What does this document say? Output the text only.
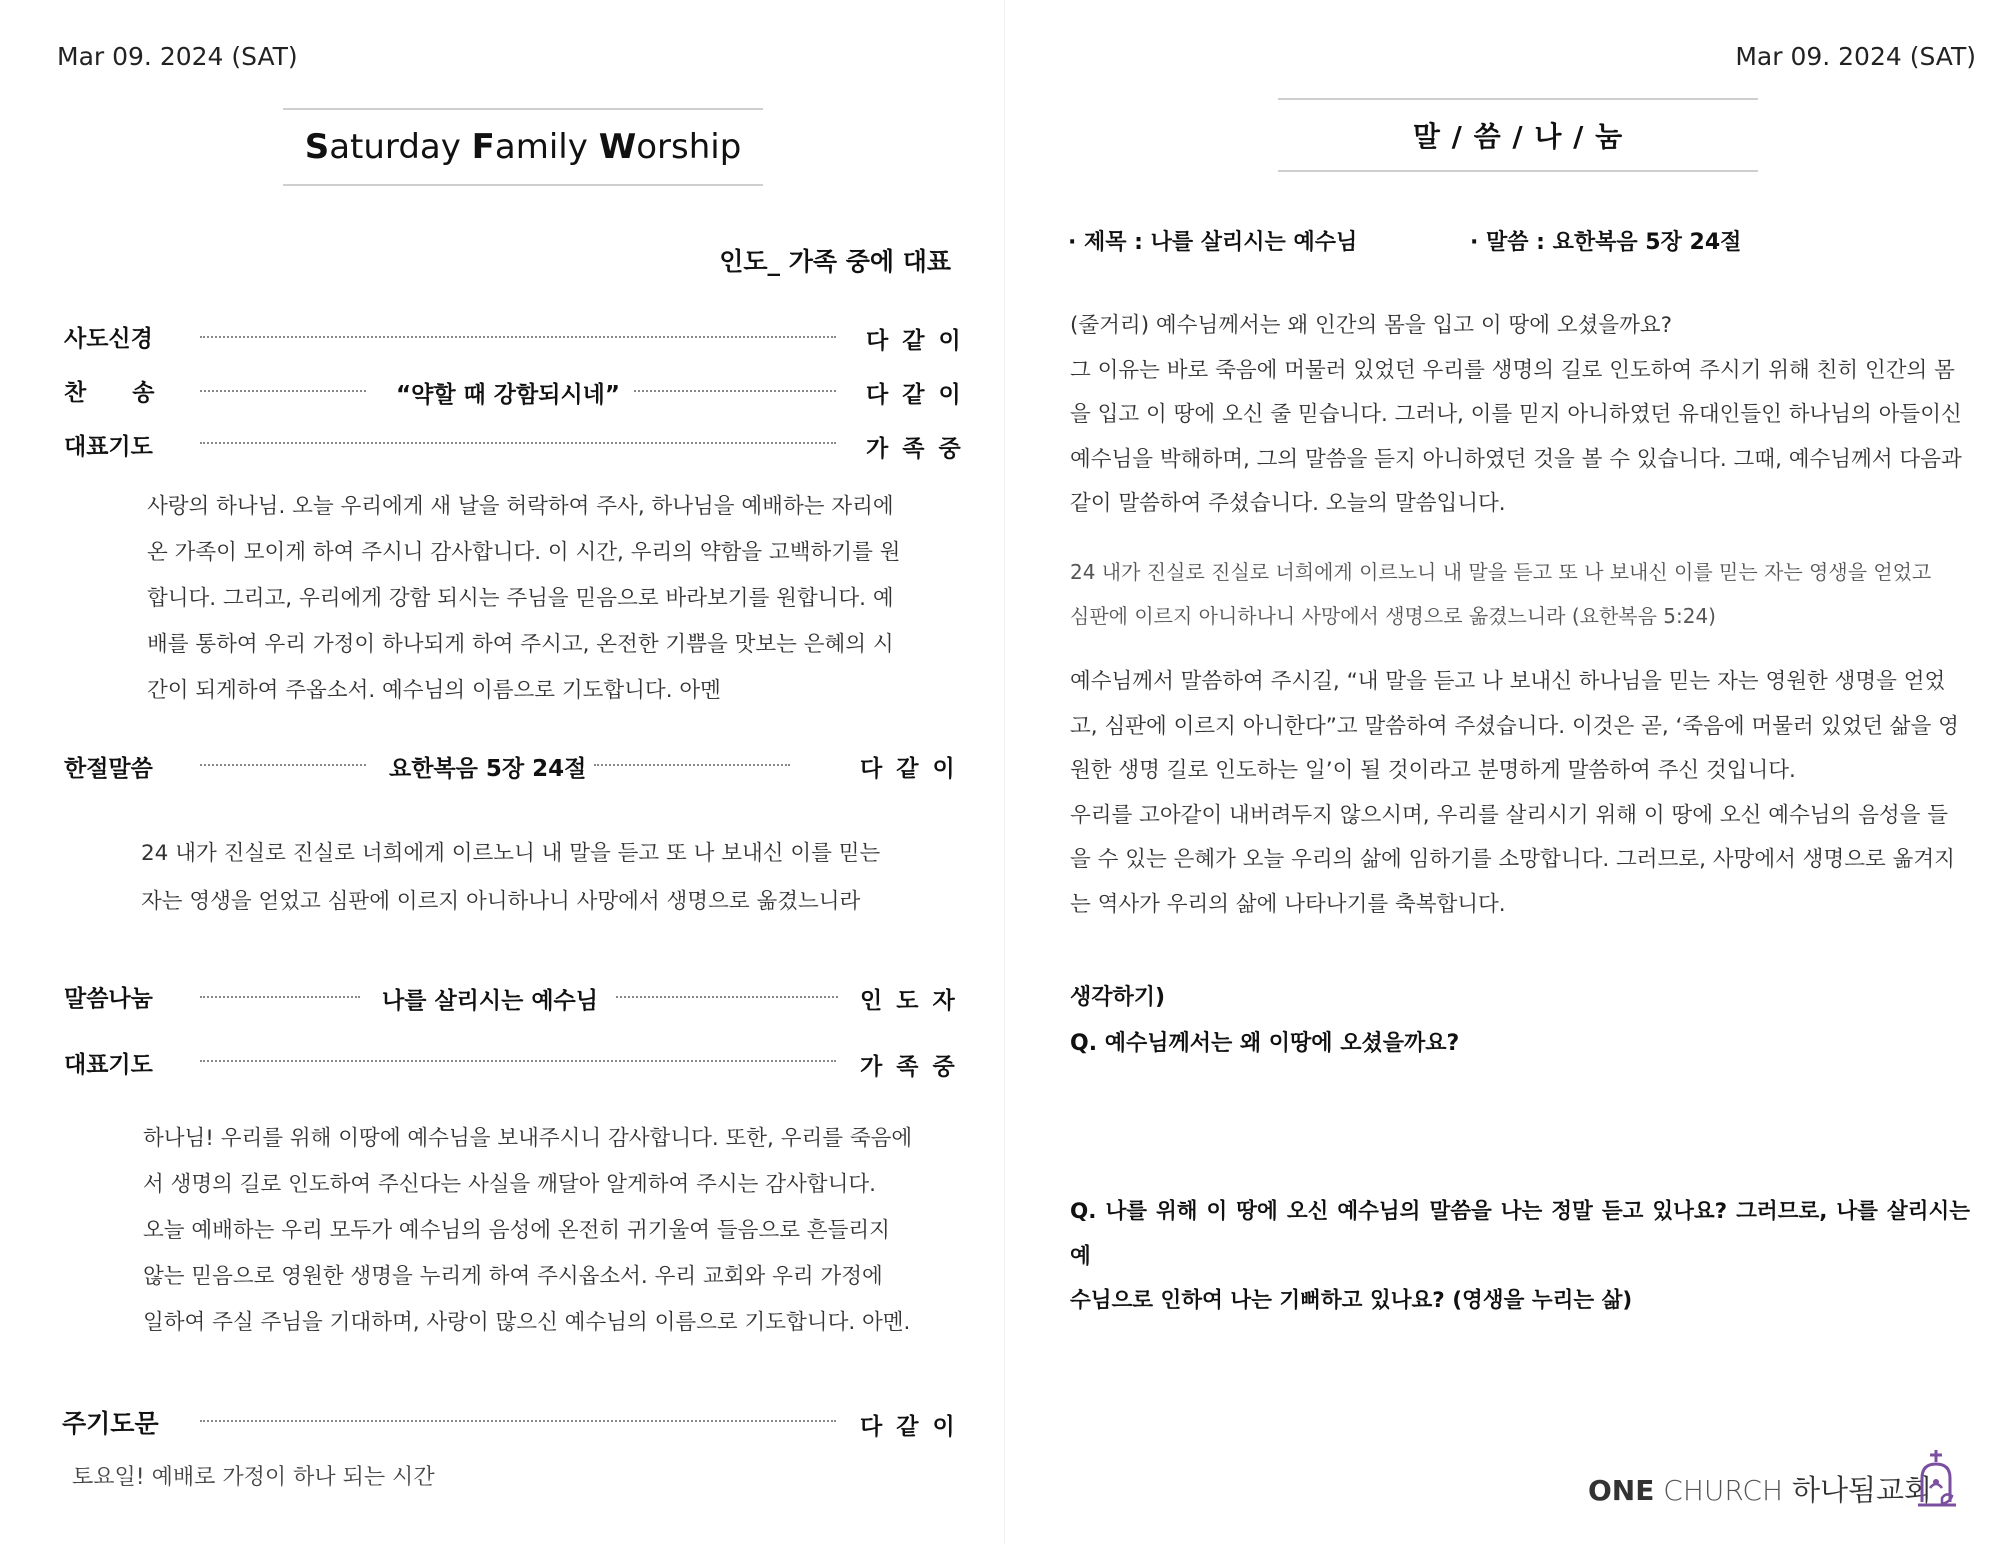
Mar 09. 2024 (SAT)
Saturday Family Worship
인도_ 가족 중에 대표
사도신경	다 같 이
찬　　송	“약할 때 강함되시네”	다 같 이
대표기도	가 족 중

사랑의 하나님. 오늘 우리에게 새 날을 허락하여 주사, 하나님을 예배하는 자리에

온 가족이 모이게 하여 주시니 감사합니다. 이 시간, 우리의 약함을 고백하기를 원

합니다. 그리고, 우리에게 강함 되시는 주님을 믿음으로 바라보기를 원합니다. 예

배를 통하여 우리 가정이 하나되게 하여 주시고, 온전한 기쁨을 맛보는 은혜의 시

간이 되게하여 주옵소서. 예수님의 이름으로 기도합니다. 아멘

한절말씀	요한복음 5장 24절	다 같 이

24 내가 진실로 진실로 너희에게 이르노니 내 말을 듣고 또 나 보내신 이를 믿는

자는 영생을 얻었고 심판에 이르지 아니하나니 사망에서 생명으로 옮겼느니라

말씀나눔	나를 살리시는 예수님	인 도 자
대표기도	가 족 중

하나님! 우리를 위해 이땅에 예수님을 보내주시니 감사합니다. 또한, 우리를 죽음에

서 생명의 길로 인도하여 주신다는 사실을 깨달아 알게하여 주시는 감사합니다.

오늘 예배하는 우리 모두가 예수님의 음성에 온전히 귀기울여 들음으로 흔들리지

않는 믿음으로 영원한 생명을 누리게 하여 주시옵소서. 우리 교회와 우리 가정에

일하여 주실 주님을 기대하며, 사랑이 많으신 예수님의 이름으로 기도합니다. 아멘.

주기도문	다 같 이
토요일! 예배로 가정이 하나 되는 시간
Mar 09. 2024 (SAT)
말 / 씀 / 나 / 눔
· 제목 : 나를 살리시는 예수님	· 말씀 : 요한복음 5장 24절

(줄거리) 예수님께서는 왜 인간의 몸을 입고 이 땅에 오셨을까요?

그 이유는 바로 죽음에 머물러 있었던 우리를 생명의 길로 인도하여 주시기 위해 친히 인간의 몸

을 입고 이 땅에 오신 줄 믿습니다. 그러나, 이를 믿지 아니하였던 유대인들인 하나님의 아들이신

예수님을 박해하며, 그의 말씀을 듣지 아니하였던 것을 볼 수 있습니다. 그때, 예수님께서 다음과

같이 말씀하여 주셨습니다. 오늘의 말씀입니다.

24 내가 진실로 진실로 너희에게 이르노니 내 말을 듣고 또 나 보내신 이를 믿는 자는 영생을 얻었고

심판에 이르지 아니하나니 사망에서 생명으로 옮겼느니라 (요한복음 5:24)

예수님께서 말씀하여 주시길, “내 말을 듣고 나 보내신 하나님을 믿는 자는 영원한 생명을 얻었

고, 심판에 이르지 아니한다”고 말씀하여 주셨습니다. 이것은 곧, ‘죽음에 머물러 있었던 삶을 영

원한 생명 길로 인도하는 일’이 될 것이라고 분명하게 말씀하여 주신 것입니다.

우리를 고아같이 내버려두지 않으시며, 우리를 살리시기 위해 이 땅에 오신 예수님의 음성을 들

을 수 있는 은혜가 오늘 우리의 삶에 임하기를 소망합니다. 그러므로, 사망에서 생명으로 옮겨지

는 역사가 우리의 삶에 나타나기를 축복합니다.

생각하기)
Q. 예수님께서는 왜 이땅에 오셨을까요?

Q. 나를 위해 이 땅에 오신 예수님의 말씀을 나는 정말 듣고 있나요? 그러므로, 나를 살리시는 예

수님으로 인하여 나는 기뻐하고 있나요? (영생을 누리는 삶)

ONE CHURCH 하나됨교회
